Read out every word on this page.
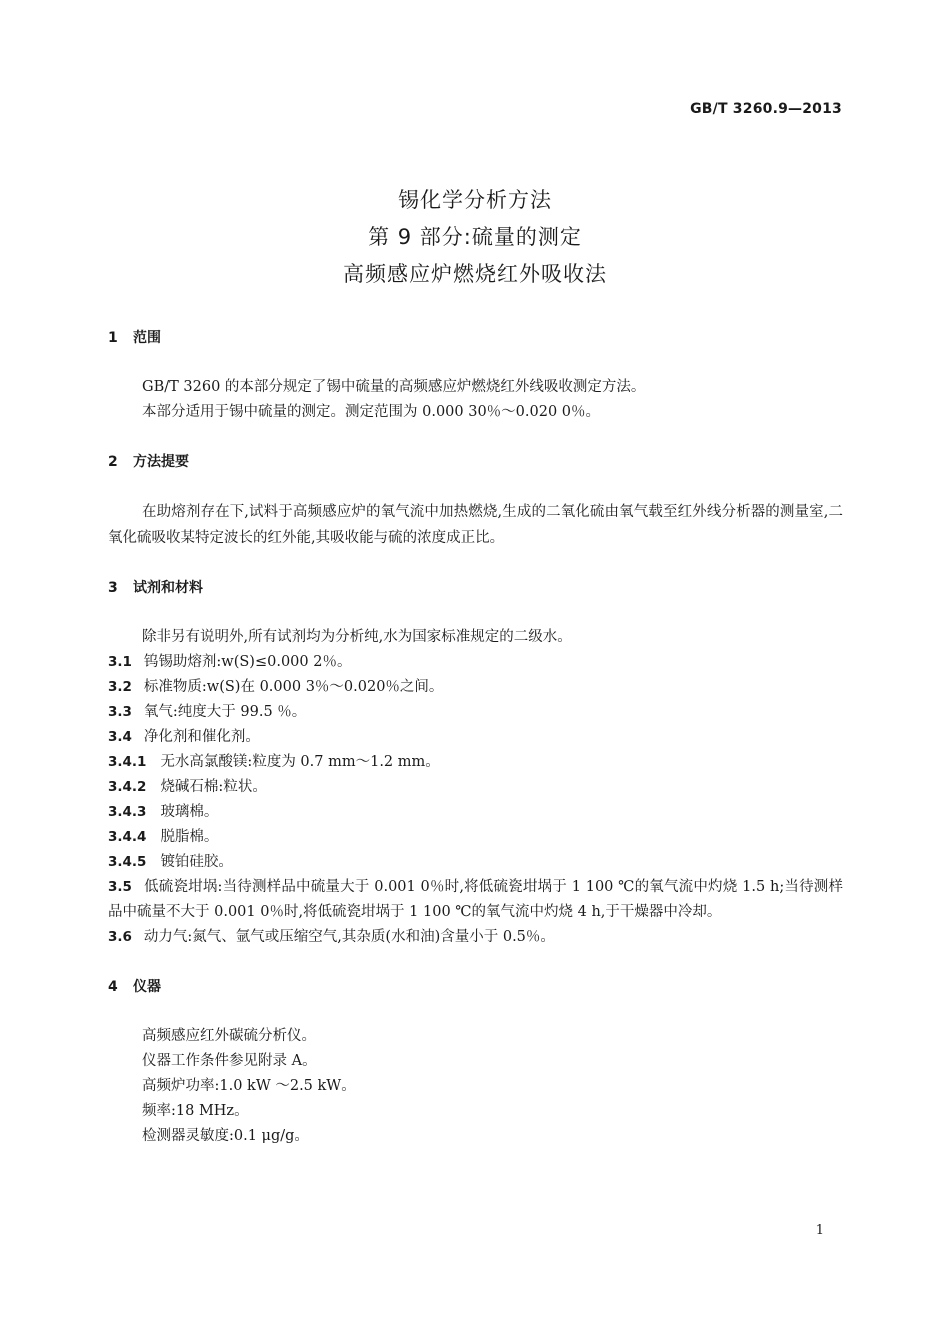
GB/T 3260.9—2013
锡化学分析方法
第 9 部分:硫量的测定
高频感应炉燃烧红外吸收法
1 范围
GB/T 3260 的本部分规定了锡中硫量的高频感应炉燃烧红外线吸收测定方法。
本部分适用于锡中硫量的测定。测定范围为 0.000 30％～0.020 0％。
2 方法提要
在助熔剂存在下,试料于高频感应炉的氧气流中加热燃烧,生成的二氧化硫由氧气载至红外线分析器的测量室,二氧化硫吸收某特定波长的红外能,其吸收能与硫的浓度成正比。
3 试剂和材料
除非另有说明外,所有试剂均为分析纯,水为国家标准规定的二级水。
3.1 钨锡助熔剂:w(S)≤0.000 2％。
3.2 标准物质:w(S)在 0.000 3％～0.020％之间。
3.3 氧气:纯度大于 99.5 ％。
3.4 净化剂和催化剂。
3.4.1 无水高氯酸镁:粒度为 0.7 mm～1.2 mm。
3.4.2 烧碱石棉:粒状。
3.4.3 玻璃棉。
3.4.4 脱脂棉。
3.4.5 镀铂硅胶。
3.5 低硫瓷坩埚:当待测样品中硫量大于 0.001 0％时,将低硫瓷坩埚于 1 100 ℃的氧气流中灼烧 1.5 h;当待测样品中硫量不大于 0.001 0％时,将低硫瓷坩埚于 1 100 ℃的氧气流中灼烧 4 h,于干燥器中冷却。
3.6 动力气:氮气、氩气或压缩空气,其杂质(水和油)含量小于 0.5％。
4 仪器
高频感应红外碳硫分析仪。
仪器工作条件参见附录 A。
高频炉功率:1.0 kW ～2.5 kW。
频率:18 MHz。
检测器灵敏度:0.1 μg/g。
1
